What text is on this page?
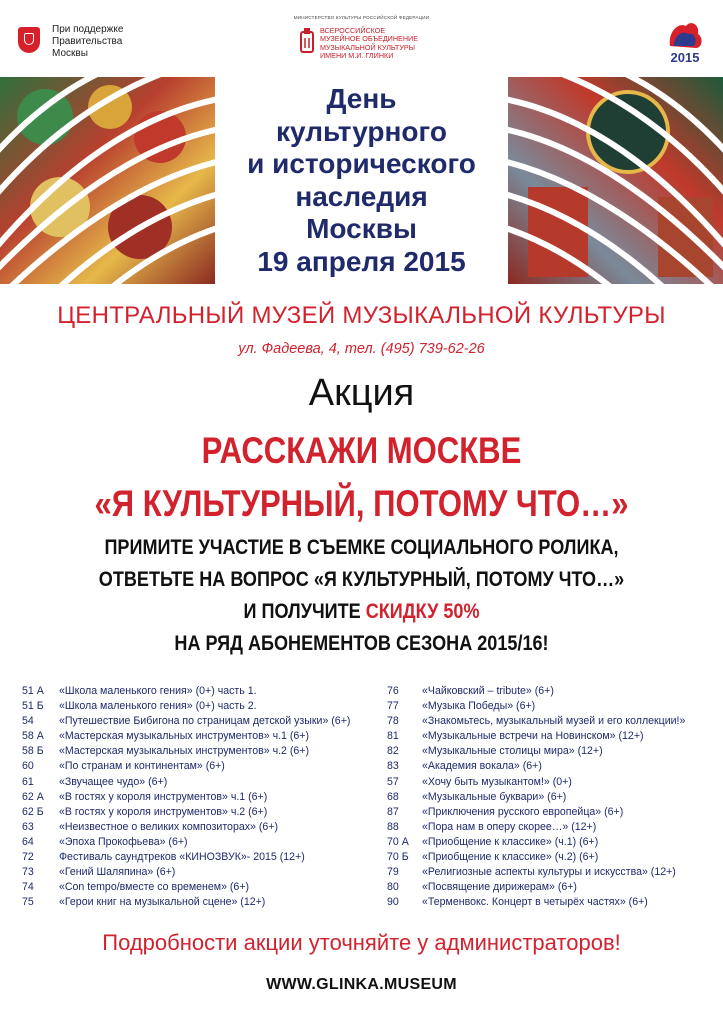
При поддержке
Правительства
Москвы
МИНИСТЕРСТВО КУЛЬТУРЫ РОССИЙСКОЙ ФЕДЕРАЦИИ
ВСЕРОССИЙСКОЕ
МУЗЕЙНОЕ ОБЪЕДИНЕНИЕ
МУЗЫКАЛЬНОЙ КУЛЬТУРЫ
ИМЕНИ М.И. ГЛИНКИ	2015
День
культурного
и исторического
наследия
Москвы
19 апреля 2015
ЦЕНТРАЛЬНЫЙ МУЗЕЙ МУЗЫКАЛЬНОЙ КУЛЬТУРЫ
ул. Фадеева, 4, тел. (495) 739-62-26
Акция
РАССКАЖИ МОСКВЕ
«Я КУЛЬТУРНЫЙ, ПОТОМУ ЧТО…»
ПРИМИТЕ УЧАСТИЕ В СЪЕМКЕ СОЦИАЛЬНОГО РОЛИКА,
ОТВЕТЬТЕ НА ВОПРОС «Я КУЛЬТУРНЫЙ, ПОТОМУ ЧТО…»
И ПОЛУЧИТЕ СКИДКУ 50%
НА РЯД АБОНЕМЕНТОВ СЕЗОНА 2015/16!
51 А «Школа маленького гения» (0+) часть 1.
51 Б «Школа маленького гения» (0+) часть 2.
54 «Путешествие Бибигона по страницам детской узыки» (6+)
58 А «Мастерская музыкальных инструментов» ч.1 (6+)
58 Б «Мастерская музыкальных инструментов» ч.2 (6+)
60 «По странам и континентам» (6+)
61 «Звучащее чудо» (6+)
62 А «В гостях у короля инструментов» ч.1 (6+)
62 Б «В гостях у короля инструментов» ч.2 (6+)
63 «Неизвестное о великих композиторах» (6+)
64 «Эпоха Прокофьева» (6+)
72 Фестиваль саундтреков «КИНОЗВУК»- 2015 (12+)
73 «Гений Шаляпина» (6+)
74 «Con tempo/вместе со временем» (6+)
75 «Герои книг на музыкальной сцене» (12+)
76 «Чайковский – tribute» (6+)
77 «Музыка Победы» (6+)
78 «Знакомьтесь, музыкальный музей и его коллекции!»
81 «Музыкальные встречи на Новинском» (12+)
82 «Музыкальные столицы мира» (12+)
83 «Академия вокала» (6+)
57 «Хочу быть музыкантом!» (0+)
68 «Музыкальные буквари» (6+)
87 «Приключения русского европейца» (6+)
88 «Пора нам в оперу скорее…» (12+)
70 А «Приобщение к классике» (ч.1) (6+)
70 Б «Приобщение к классике» (ч.2) (6+)
79 «Религиозные аспекты культуры и искусства» (12+)
80 «Посвящение дирижерам» (6+)
90 «Терменвокс. Концерт в четырёх частях» (6+)
Подробности акции уточняйте у администраторов!
WWW.GLINKA.MUSEUM
